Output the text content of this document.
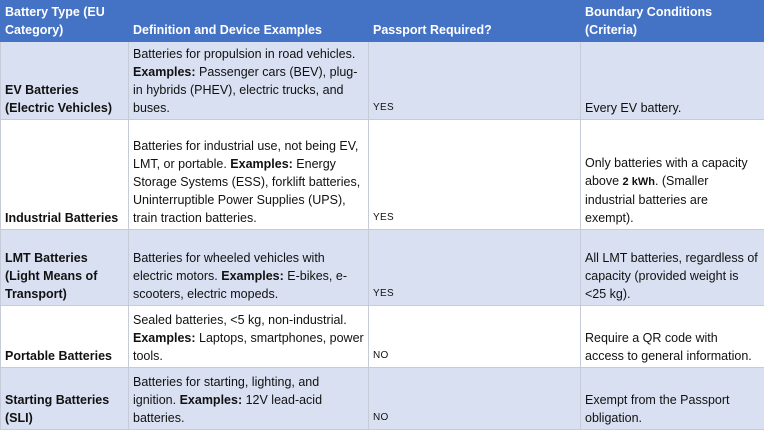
Battery Type (EU Category)	Definition and Device Examples	Passport Required?	Boundary Conditions (Criteria)
EV Batteries (Electric Vehicles)	Batteries for propulsion in road vehicles. Examples: Passenger cars (BEV), plug-in hybrids (PHEV), electric trucks, and buses.	YES	Every EV battery.
Industrial Batteries	Batteries for industrial use, not being EV, LMT, or portable. Examples: Energy Storage Systems (ESS), forklift batteries, Uninterruptible Power Supplies (UPS), train traction batteries.	YES	Only batteries with a capacity above 2 kWh. (Smaller industrial batteries are exempt).
LMT Batteries (Light Means of Transport)	Batteries for wheeled vehicles with electric motors. Examples: E-bikes, e-scooters, electric mopeds.	YES	All LMT batteries, regardless of capacity (provided weight is <25 kg).
Portable Batteries	Sealed batteries, <5 kg, non-industrial. Examples: Laptops, smartphones, power tools.	NO	Require a QR code with access to general information.
Starting Batteries (SLI)	Batteries for starting, lighting, and ignition. Examples: 12V lead-acid batteries.	NO	Exempt from the Passport obligation.
